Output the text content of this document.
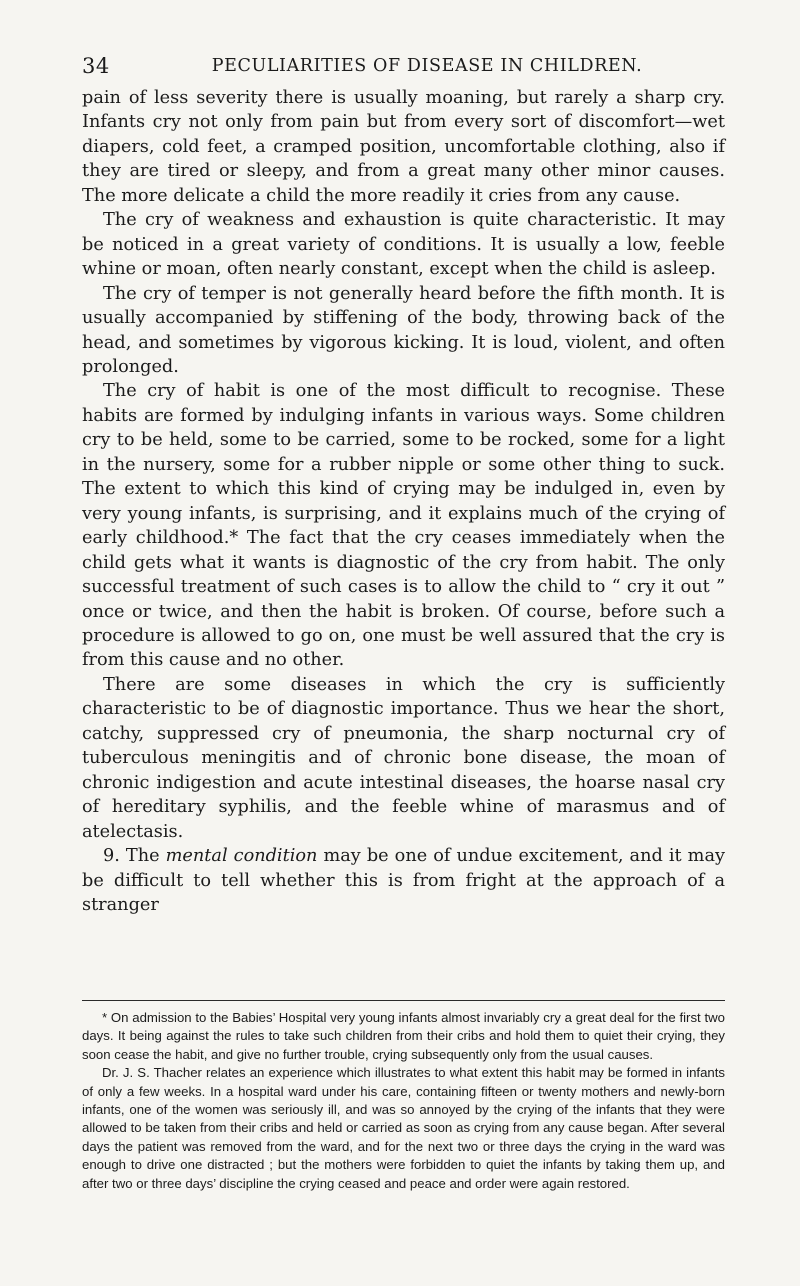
34	PECULIARITIES OF DISEASE IN CHILDREN.

pain of less severity there is usually moaning, but rarely a sharp cry. Infants cry not only from pain but from every sort of discomfort—wet diapers, cold feet, a cramped position, uncomfortable clothing, also if they are tired or sleepy, and from a great many other minor causes. The more delicate a child the more readily it cries from any cause.

The cry of weakness and exhaustion is quite characteristic. It may be noticed in a great variety of conditions. It is usually a low, feeble whine or moan, often nearly constant, except when the child is asleep.

The cry of temper is not generally heard before the fifth month. It is usually accompanied by stiffening of the body, throwing back of the head, and sometimes by vigorous kicking. It is loud, violent, and often prolonged.

The cry of habit is one of the most difficult to recognise. These habits are formed by indulging infants in various ways. Some children cry to be held, some to be carried, some to be rocked, some for a light in the nursery, some for a rubber nipple or some other thing to suck. The extent to which this kind of crying may be indulged in, even by very young infants, is surprising, and it explains much of the crying of early childhood.* The fact that the cry ceases immediately when the child gets what it wants is diagnostic of the cry from habit. The only successful treatment of such cases is to allow the child to “ cry it out ” once or twice, and then the habit is broken. Of course, before such a procedure is allowed to go on, one must be well assured that the cry is from this cause and no other.

There are some diseases in which the cry is sufficiently characteristic to be of diagnostic importance. Thus we hear the short, catchy, suppressed cry of pneumonia, the sharp nocturnal cry of tuberculous meningitis and of chronic bone disease, the moan of chronic indigestion and acute intestinal diseases, the hoarse nasal cry of hereditary syphilis, and the feeble whine of marasmus and of atelectasis.

9. The mental condition may be one of undue excitement, and it may be difficult to tell whether this is from fright at the approach of a stranger

* On admission to the Babies’ Hospital very young infants almost invariably cry a great deal for the first two days. It being against the rules to take such children from their cribs and hold them to quiet their crying, they soon cease the habit, and give no further trouble, crying subsequently only from the usual causes.

Dr. J. S. Thacher relates an experience which illustrates to what extent this habit may be formed in infants of only a few weeks. In a hospital ward under his care, containing fifteen or twenty mothers and newly-born infants, one of the women was seriously ill, and was so annoyed by the crying of the infants that they were allowed to be taken from their cribs and held or carried as soon as crying from any cause began. After several days the patient was removed from the ward, and for the next two or three days the crying in the ward was enough to drive one distracted ; but the mothers were forbidden to quiet the infants by taking them up, and after two or three days’ discipline the crying ceased and peace and order were again restored.
